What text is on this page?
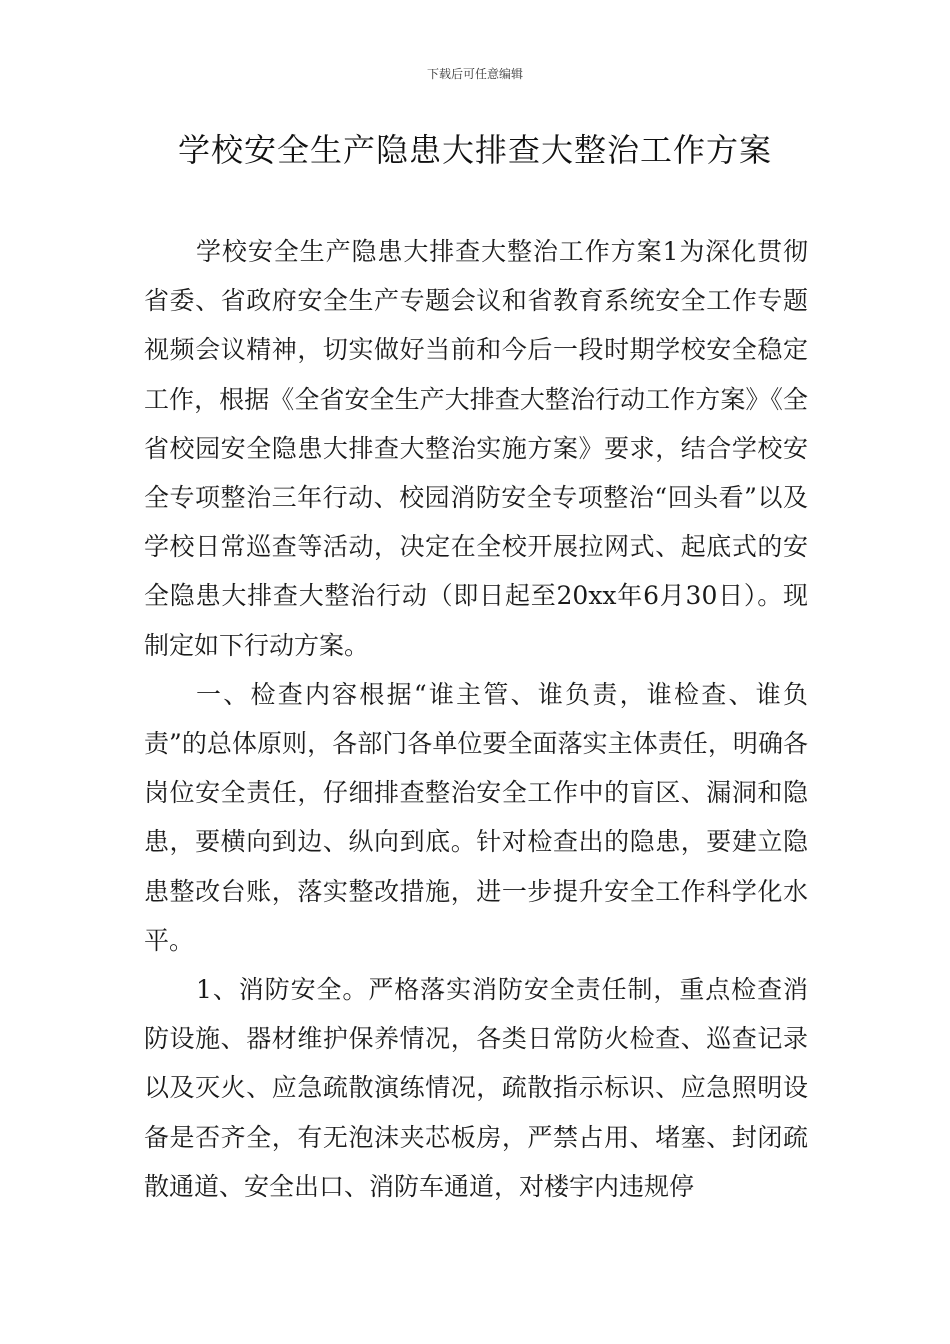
下载后可任意编辑
学校安全生产隐患大排查大整治工作方案

学校安全生产隐患大排查大整治工作方案1为深化贯彻省委、省政府安全生产专题会议和省教育系统安全工作专题视频会议精神，切实做好当前和今后一段时期学校安全稳定工作，根据《全省安全生产大排查大整治行动工作方案》《全省校园安全隐患大排查大整治实施方案》要求，结合学校安全专项整治三年行动、校园消防安全专项整治“回头看”以及学校日常巡查等活动，决定在全校开展拉网式、起底式的安全隐患大排查大整治行动（即日起至20xx年6月30日）。现制定如下行动方案。

一、检查内容根据“谁主管、谁负责，谁检查、谁负责”的总体原则，各部门各单位要全面落实主体责任，明确各岗位安全责任，仔细排查整治安全工作中的盲区、漏洞和隐患，要横向到边、纵向到底。针对检查出的隐患，要建立隐患整改台账，落实整改措施，进一步提升安全工作科学化水平。

1、消防安全。严格落实消防安全责任制，重点检查消防设施、器材维护保养情况，各类日常防火检查、巡查记录以及灭火、应急疏散演练情况，疏散指示标识、应急照明设备是否齐全，有无泡沫夹芯板房，严禁占用、堵塞、封闭疏散通道、安全出口、消防车通道，对楼宇内违规停
